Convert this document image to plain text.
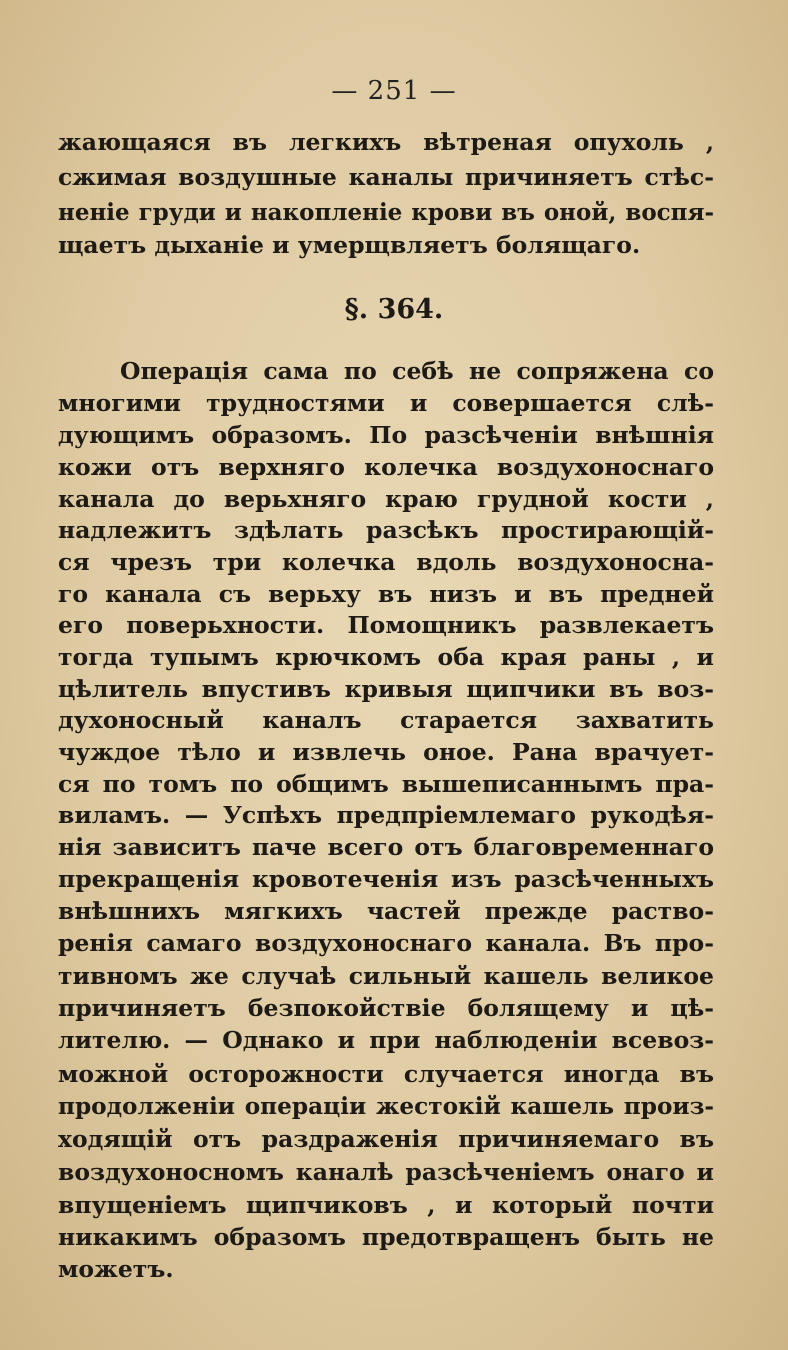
— 251 —
жающаяся въ легкихъ вѣтреная опухоль ,
сжимая воздушные каналы причиняетъ стѣс-
неніе груди и накопленіе крови въ оной, воспя-
щаетъ дыханіе и умерщвляетъ болящаго.
§. 364.
Операція сама по себѣ не сопряжена со
многими трудностями и совершается слѣ-
дующимъ образомъ. По разсѣченіи внѣшнія
кожи отъ верхняго колечка воздухоноснаго
канала до верьхняго краю грудной кости ,
надлежитъ здѣлать разсѣкъ простирающій-
ся чрезъ три колечка вдоль воздухоносна-
го канала съ верьху въ низъ и въ предней
его поверьхности. Помощникъ развлекаетъ
тогда тупымъ крючкомъ оба края раны , и
цѣлитель впустивъ кривыя щипчики въ воз-
духоносный каналъ старается захватить
чуждое тѣло и извлечь оное. Рана врачует-
ся по томъ по общимъ вышеписаннымъ пра-
виламъ. — Успѣхъ предпріемлемаго рукодѣя-
нія зависитъ паче всего отъ благовременнаго
прекращенія кровотеченія изъ разсѣченныхъ
внѣшнихъ мягкихъ частей прежде раство-
ренія самаго воздухоноснаго канала. Въ про-
тивномъ же случаѣ сильный кашель великое
причиняетъ безпокойствіе болящему и цѣ-
лителю. — Однако и при наблюденіи всевоз-
можной осторожности случается иногда въ
продолженіи операціи жестокій кашель произ-
ходящій отъ раздраженія причиняемаго въ
воздухоносномъ каналѣ разсѣченіемъ онаго и
впущеніемъ щипчиковъ , и который почти
никакимъ образомъ предотвращенъ быть не
можетъ.
